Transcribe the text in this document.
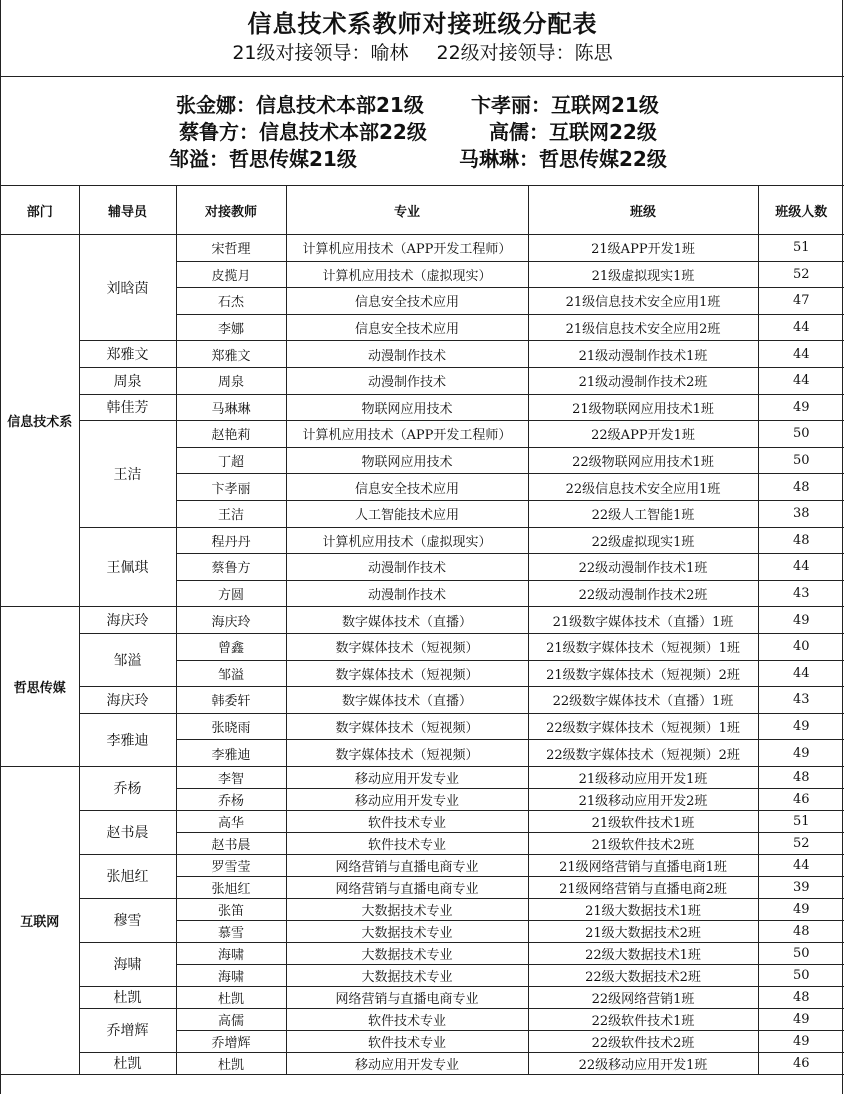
信息技术系教师对接班级分配表
21级对接领导：喻林 22级对接领导：陈思
张金娜：信息技术本部21级 卞孝丽：互联网21级
蔡鲁方：信息技术本部22级	高儒：互联网22级
邹溢：哲思传媒21级	马琳琳：哲思传媒22级
部门	辅导员	对接教师	专业	班级	班级人数
信息技术系	刘晗茵	宋哲理	计算机应用技术（APP开发工程师）	21级APP开发1班	51
		皮揽月	计算机应用技术（虚拟现实）	21级虚拟现实1班	52
		石杰	信息安全技术应用	21级信息技术安全应用1班	47
		李娜	信息安全技术应用	21级信息技术安全应用2班	44
	郑雅文	郑雅文	动漫制作技术	21级动漫制作技术1班	44
	周泉	周泉	动漫制作技术	21级动漫制作技术2班	44
	韩佳芳	马琳琳	物联网应用技术	21级物联网应用技术1班	49
	王洁	赵艳莉	计算机应用技术（APP开发工程师）	22级APP开发1班	50
		丁超	物联网应用技术	22级物联网应用技术1班	50
		卞孝丽	信息安全技术应用	22级信息技术安全应用1班	48
		王洁	人工智能技术应用	22级人工智能1班	38
	王佩琪	程丹丹	计算机应用技术（虚拟现实）	22级虚拟现实1班	48
		蔡鲁方	动漫制作技术	22级动漫制作技术1班	44
		方圆	动漫制作技术	22级动漫制作技术2班	43
哲思传媒	海庆玲	海庆玲	数字媒体技术（直播）	21级数字媒体技术（直播）1班	49
	邹溢	曾鑫	数字媒体技术（短视频）	21级数字媒体技术（短视频）1班	40
		邹溢	数字媒体技术（短视频）	21级数字媒体技术（短视频）2班	44
	海庆玲	韩委轩	数字媒体技术（直播）	22级数字媒体技术（直播）1班	43
	李雅迪	张晓雨	数字媒体技术（短视频）	22级数字媒体技术（短视频）1班	49
		李雅迪	数字媒体技术（短视频）	22级数字媒体技术（短视频）2班	49
互联网	乔杨	李智	移动应用开发专业	21级移动应用开发1班	48
		乔杨	移动应用开发专业	21级移动应用开发2班	46
	赵书晨	高华	软件技术专业	21级软件技术1班	51
		赵书晨	软件技术专业	21级软件技术2班	52
	张旭红	罗雪莹	网络营销与直播电商专业	21级网络营销与直播电商1班	44
		张旭红	网络营销与直播电商专业	21级网络营销与直播电商2班	39
	穆雪	张笛	大数据技术专业	21级大数据技术1班	49
		慕雪	大数据技术专业	21级大数据技术2班	48
	海啸	海啸	大数据技术专业	22级大数据技术1班	50
		海啸	大数据技术专业	22级大数据技术2班	50
	杜凯	杜凯	网络营销与直播电商专业	22级网络营销1班	48
	乔增辉	高儒	软件技术专业	22级软件技术1班	49
		乔增辉	软件技术专业	22级软件技术2班	49
	杜凯	杜凯	移动应用开发专业	22级移动应用开发1班	46
